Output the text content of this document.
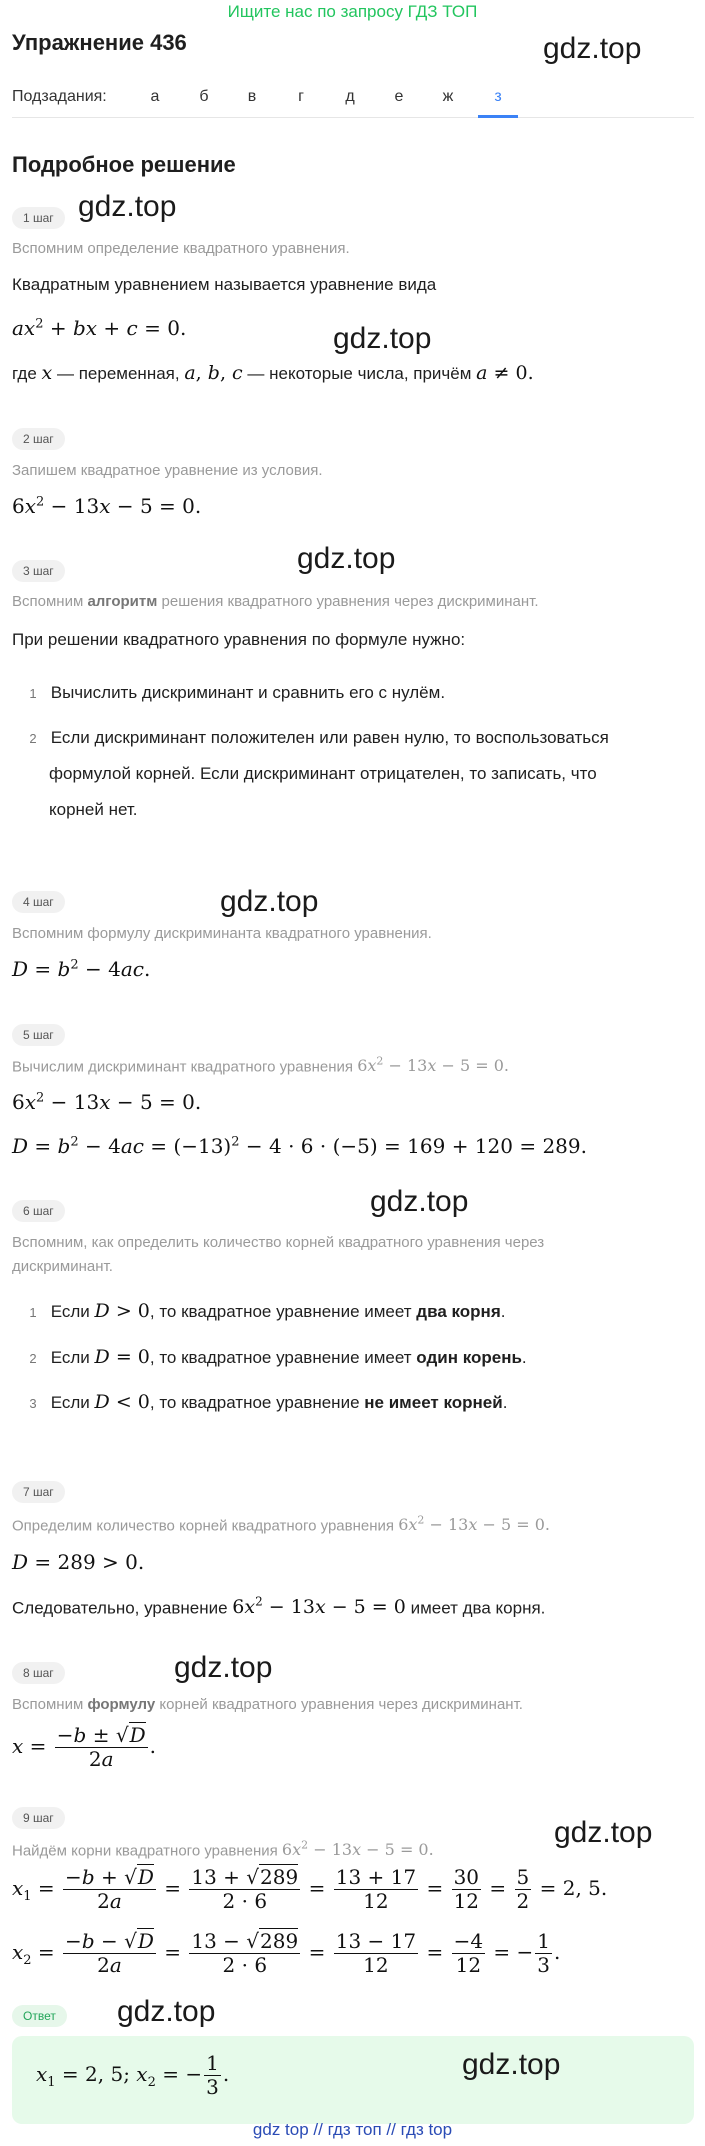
Ищите нас по запросу ГДЗ ТОП
Упражнение 436	gdz.top
gdz.top
gdz.top
gdz.top
gdz.top
gdz.top
gdz.top
gdz.top
gdz.top
Подзадания:	а	б	в	г	д	е	ж	з
Подробное решение
1 шаг
Вспомним определение квадратного уравнения.
Квадратным уравнением называется уравнение вида
$ax^2$ + bx + c = 0.
где x — переменная, a, b, c — некоторые числа, причём a ≠ 0.
2 шаг
Запишем квадратное уравнение из условия.
$6x^2 - 13x - 5 = 0$.
3 шаг
Вспомним алгоритм решения квадратного уравнения через дискриминант.
При решении квадратного уравнения по формуле нужно:
1 Вычислить дискриминант и сравнить его с нулём.
2 Если дискриминант положителен или равен нулю, то воспользоваться
формулой корней. Если дискриминант отрицателен, то записать, что
корней нет.
4 шаг
Вспомним формулу дискриминанта квадратного уравнения.
$D = b^2 - 4ac$.
5 шаг
Вычислим дискриминант квадратного уравнения $6x^2 - 13x - 5 = 0$.
$6x^2 - 13x - 5 = 0$.
$D = b^2 - 4ac = (-13)^2 - 4 \cdot 6 \cdot (-5) = 169 + 120 = 289$.
6 шаг
Вспомним, как определить количество корней квадратного уравнения через
дискриминант.
1 Если D > 0, то квадратное уравнение имеет два корня.
2 Если D = 0, то квадратное уравнение имеет один корень.
3 Если D < 0, то квадратное уравнение не имеет корней.
7 шаг
Определим количество корней квадратного уравнения $6x^2 - 13x - 5 = 0$.
D = 289 > 0.
Следовательно, уравнение $6x^2 - 13x - 5 = 0$ имеет два корня.
8 шаг
Вспомним формулу корней квадратного уравнения через дискриминант.
$x = \frac{-b \pm √D}{2a}$ .
9 шаг
Найдём корни квадратного уравнения $6x^2 - 13x - 5 = 0$.
$x_1 = \frac{-b + √D}{2a} = \frac{13 + √289}{2 \cdot 6} = \frac{13 + 17}{12} = \frac{30}{12} = \frac{5}{2} = 2$, 5.
$x_2 = \frac{-b - √D}{2a} = \frac{13 - √289}{2 \cdot 6} = \frac{13 - 17}{12} = \frac{-4}{12}$ = − $\frac{1}{3}$ .
Ответ
$x_1 = 2$, 5; $x_2$ = − $\frac{1}{3}$ .	gdz.top
gdz top // гдз топ // гдз top
